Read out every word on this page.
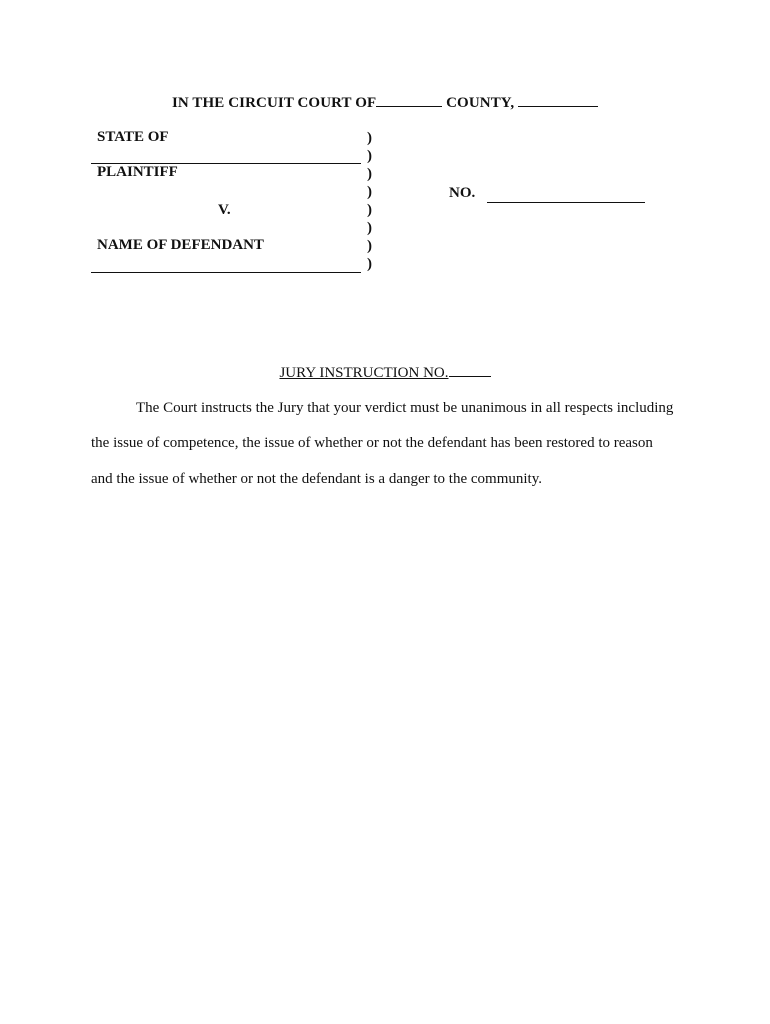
IN THE CIRCUIT COURT OF	COUNTY,
STATE OF
PLAINTIFF
V.
NAME OF DEFENDANT
)
)
)
)
)
)
)
)
NO.
JURY INSTRUCTION NO.
The Court instructs the Jury that your verdict must be unanimous in all respects including
the issue of competence, the issue of whether or not the defendant has been restored to reason
and the issue of whether or not the defendant is a danger to the community.
